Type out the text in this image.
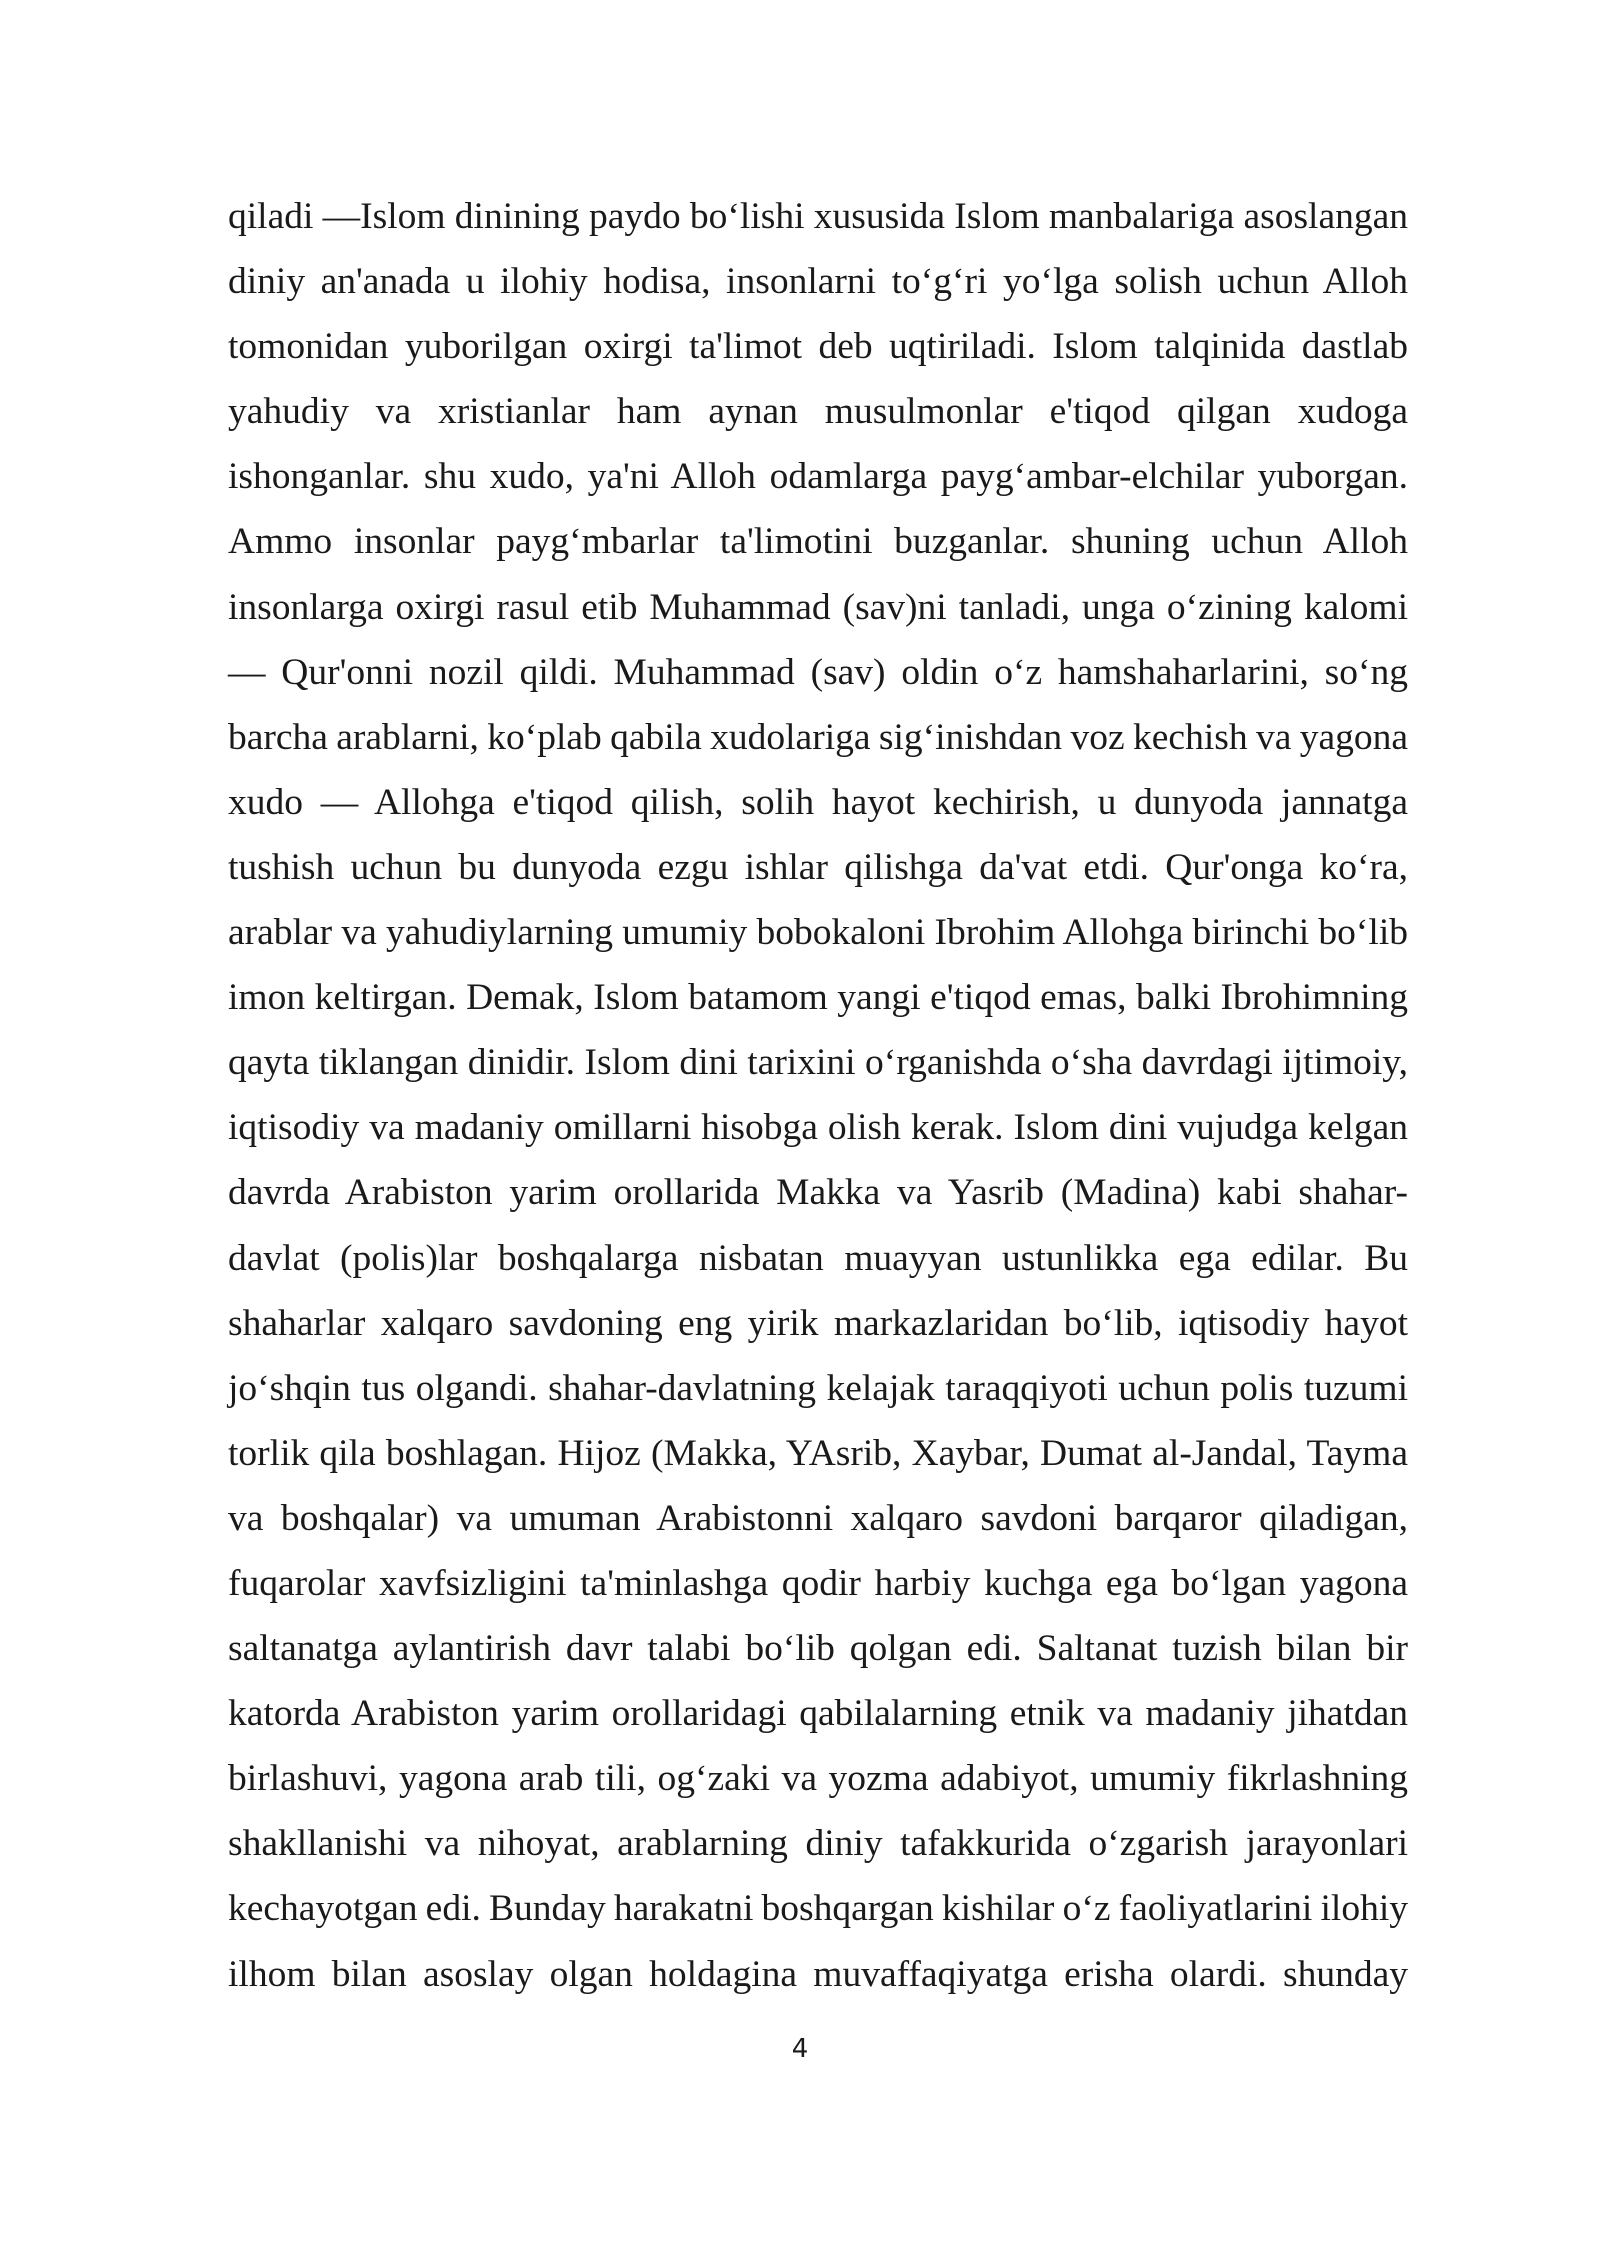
qiladi —Islom dinining paydo bo‘lishi xususida Islom manbalariga asoslangan
diniy an'anada u ilohiy hodisa, insonlarni to‘g‘ri yo‘lga solish uchun Alloh
tomonidan yuborilgan oxirgi ta'limot deb uqtiriladi. Islom talqinida dastlab
yahudiy va xristianlar ham aynan musulmonlar e'tiqod qilgan xudoga
ishonganlar. shu xudo, ya'ni Alloh odamlarga payg‘ambar-elchilar yuborgan.
Ammo insonlar payg‘mbarlar ta'limotini buzganlar. shuning uchun Alloh
insonlarga oxirgi rasul etib Muhammad (sav)ni tanladi, unga o‘zining kalomi
— Qur'onni nozil qildi. Muhammad (sav) oldin o‘z hamshaharlarini, so‘ng
barcha arablarni, ko‘plab qabila xudolariga sig‘inishdan voz kechish va yagona
xudo — Allohga e'tiqod qilish, solih hayot kechirish, u dunyoda jannatga
tushish uchun bu dunyoda ezgu ishlar qilishga da'vat etdi. Qur'onga ko‘ra,
arablar va yahudiylarning umumiy bobokaloni Ibrohim Allohga birinchi bo‘lib
imon keltirgan. Demak, Islom batamom yangi e'tiqod emas, balki Ibrohimning
qayta tiklangan dinidir. Islom dini tarixini o‘rganishda o‘sha davrdagi ijtimoiy,
iqtisodiy va madaniy omillarni hisobga olish kerak. Islom dini vujudga kelgan
davrda Arabiston yarim orollarida Makka va Yasrib (Madina) kabi shahar-
davlat (polis)lar boshqalarga nisbatan muayyan ustunlikka ega edilar. Bu
shaharlar xalqaro savdoning eng yirik markazlaridan bo‘lib, iqtisodiy hayot
jo‘shqin tus olgandi. shahar-davlatning kelajak taraqqiyoti uchun polis tuzumi
torlik qila boshlagan. Hijoz (Makka, YAsrib, Xaybar, Dumat al-Jandal, Tayma
va boshqalar) va umuman Arabistonni xalqaro savdoni barqaror qiladigan,
fuqarolar xavfsizligini ta'minlashga qodir harbiy kuchga ega bo‘lgan yagona
saltanatga aylantirish davr talabi bo‘lib qolgan edi. Saltanat tuzish bilan bir
katorda Arabiston yarim orollaridagi qabilalarning etnik va madaniy jihatdan
birlashuvi, yagona arab tili, og‘zaki va yozma adabiyot, umumiy fikrlashning
shakllanishi va nihoyat, arablarning diniy tafakkurida o‘zgarish jarayonlari
kechayotgan edi. Bunday harakatni boshqargan kishilar o‘z faoliyatlarini ilohiy
ilhom bilan asoslay olgan holdagina muvaffaqiyatga erisha olardi. shunday

4
